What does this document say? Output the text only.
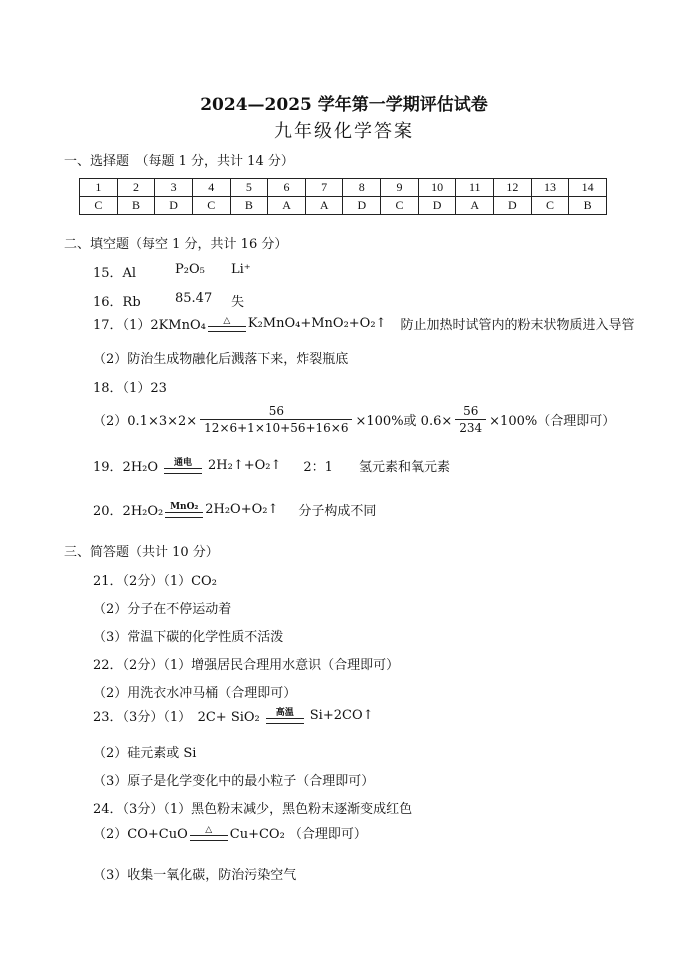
2024—2025 学年第一学期评估试卷
九年级化学答案
一、选择题　（每题 1 分，共计 14 分）
1	2	3	4	5	6	7	8	9	10	11	12	13	14
C	B	D	C	B	A	A	D	C	D	A	D	C	B
二、填空题（每空 1 分，共计 16 分）
15．Al	P₂O₅ Li⁺
16．Rb	85.47 失
17．（1）2KMnO₄ △ K₂MnO₄+MnO₂+O₂↑ 防止加热时试管内的粉末状物质进入导管
（2）防治生成物融化后溅落下来，炸裂瓶底
18．（1）23
$(2)0.1\times 3\times 2\times \frac{56}{12\times 6+1\times 10+56+16\times 6} \times 100\%$或 $0.6\times \frac{56}{234} \times 100\%$（合理即可）
19．2H₂O 通电 2H₂↑+O₂↑ 2：1 氢元素和氧元素
20．2H₂O₂ MnO₂ 2H₂O+O₂↑ 分子构成不同
三、简答题（共计 10 分）
21．（2分）（1）CO₂
（2）分子在不停运动着
（3）常温下碳的化学性质不活泼
22．（2分）（1）增强居民合理用水意识（合理即可）
（2）用洗衣水冲马桶（合理即可）
23．（3分）（1）　2C+ SiO₂ 高温 Si+2CO↑
（2）硅元素或 Si
（3）原子是化学变化中的最小粒子（合理即可）
24．（3分）（1）黑色粉末减少，黑色粉末逐渐变成红色
（2）CO+CuO △ Cu+CO₂ （合理即可）
（3）收集一氧化碳，防治污染空气
